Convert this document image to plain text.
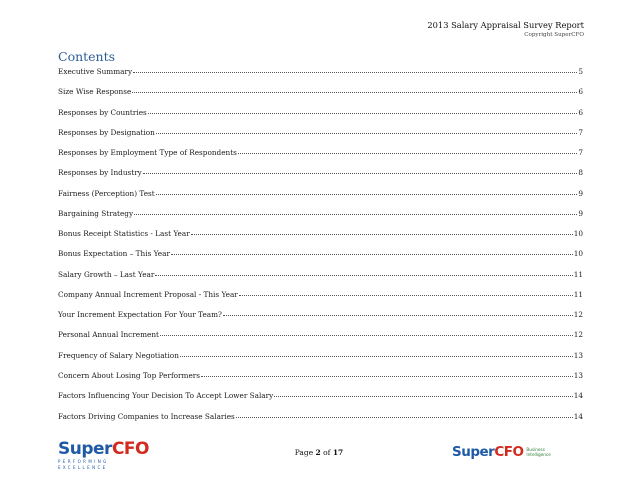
2013 Salary Appraisal Survey Report
Copyright SuperCFO
Contents
Executive Summary	5
Size Wise Response	6
Responses by Countries	6
Responses by Designation	7
Responses by Employment Type of Respondents	7
Responses by Industry	8
Fairness (Perception) Test	9
Bargaining Strategy	9
Bonus Receipt Statistics - Last Year	10
Bonus Expectation – This Year	10
Salary Growth – Last Year	11
Company Annual Increment Proposal - This Year	11
Your Increment Expectation For Your Team?	12
Personal Annual Increment	12
Frequency of Salary Negotiation	13
Concern About Losing Top Performers	13
Factors Influencing Your Decision To Accept Lower Salary	14
Factors Driving Companies to Increase Salaries	14
SuperCFO
PERFORMING EXCELLENCE
Page 2 of 17	SuperCFO Business
Intelligence
